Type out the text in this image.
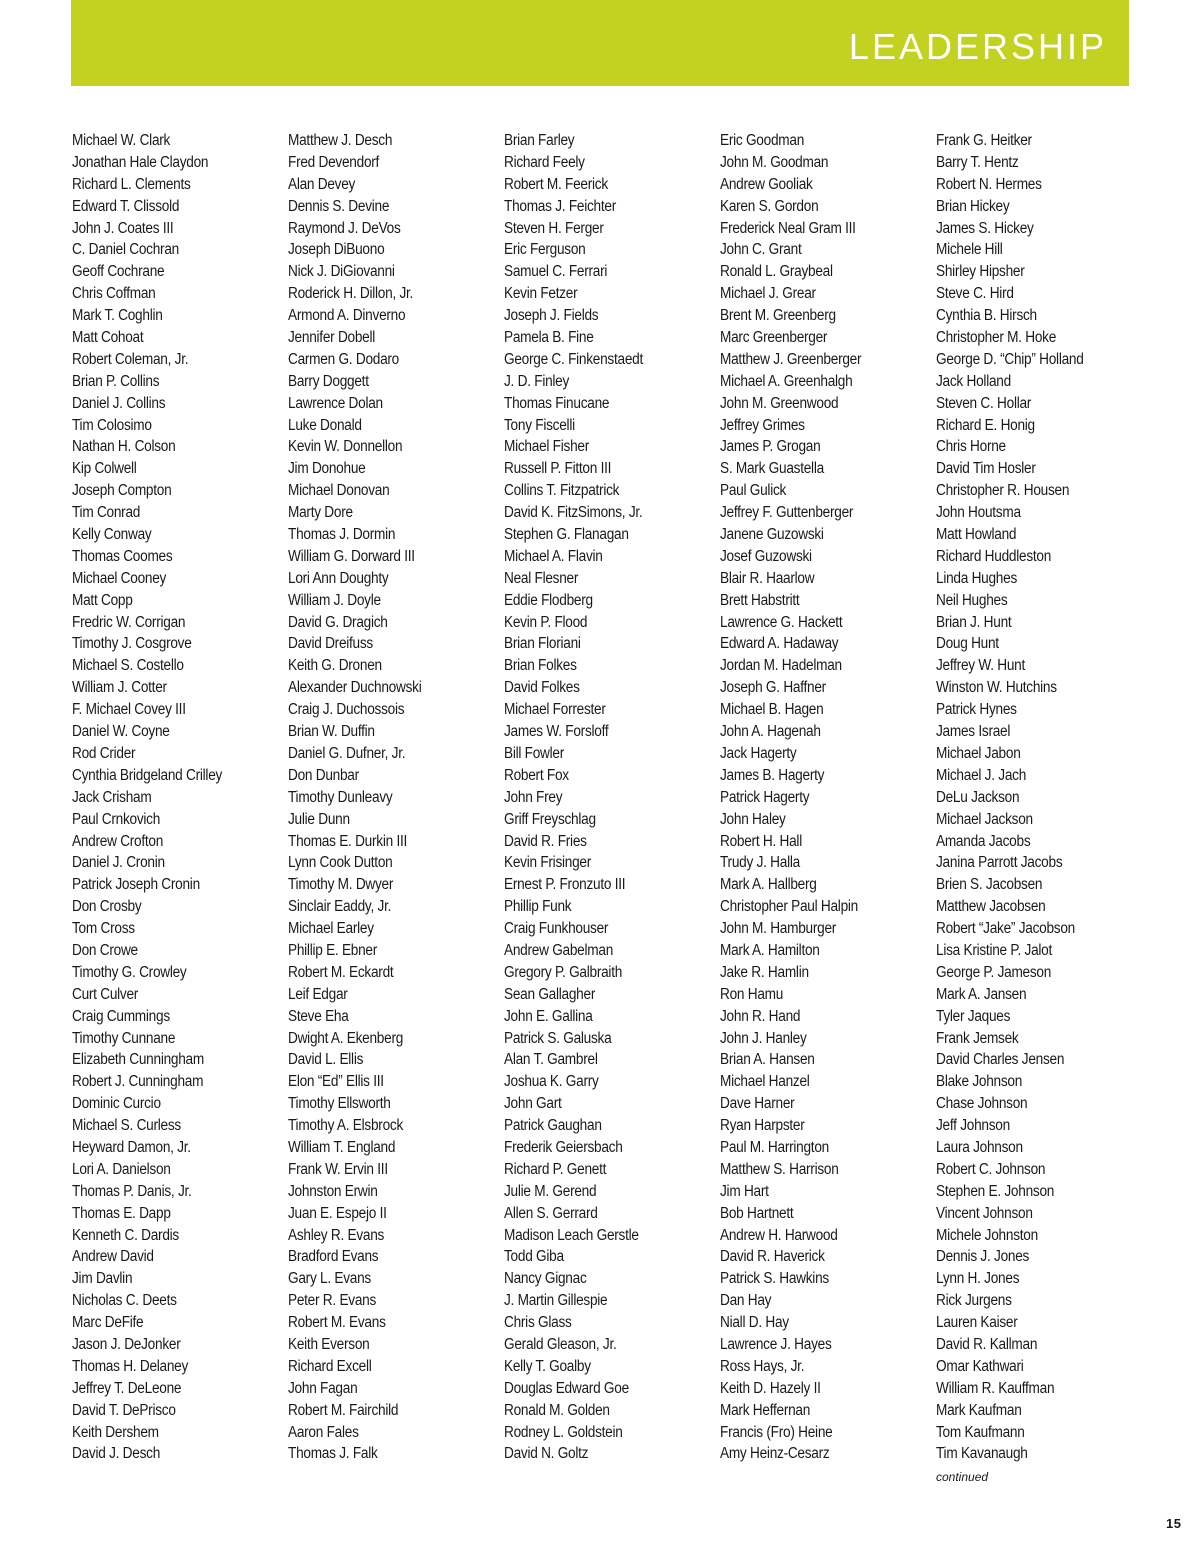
LEADERSHIP
Michael W. Clark
Jonathan Hale Claydon
Richard L. Clements
Edward T. Clissold
John J. Coates III
C. Daniel Cochran
Geoff Cochrane
Chris Coffman
Mark T. Coghlin
Matt Cohoat
Robert Coleman, Jr.
Brian P. Collins
Daniel J. Collins
Tim Colosimo
Nathan H. Colson
Kip Colwell
Joseph Compton
Tim Conrad
Kelly Conway
Thomas Coomes
Michael Cooney
Matt Copp
Fredric W. Corrigan
Timothy J. Cosgrove
Michael S. Costello
William J. Cotter
F. Michael Covey III
Daniel W. Coyne
Rod Crider
Cynthia Bridgeland Crilley
Jack Crisham
Paul Crnkovich
Andrew Crofton
Daniel J. Cronin
Patrick Joseph Cronin
Don Crosby
Tom Cross
Don Crowe
Timothy G. Crowley
Curt Culver
Craig Cummings
Timothy Cunnane
Elizabeth Cunningham
Robert J. Cunningham
Dominic Curcio
Michael S. Curless
Heyward Damon, Jr.
Lori A. Danielson
Thomas P. Danis, Jr.
Thomas E. Dapp
Kenneth C. Dardis
Andrew David
Jim Davlin
Nicholas C. Deets
Marc DeFife
Jason J. DeJonker
Thomas H. Delaney
Jeffrey T. DeLeone
David T. DePrisco
Keith Dershem
David J. Desch
Matthew J. Desch
Fred Devendorf
Alan Devey
Dennis S. Devine
Raymond J. DeVos
Joseph DiBuono
Nick J. DiGiovanni
Roderick H. Dillon, Jr.
Armond A. Dinverno
Jennifer Dobell
Carmen G. Dodaro
Barry Doggett
Lawrence Dolan
Luke Donald
Kevin W. Donnellon
Jim Donohue
Michael Donovan
Marty Dore
Thomas J. Dormin
William G. Dorward III
Lori Ann Doughty
William J. Doyle
David G. Dragich
David Dreifuss
Keith G. Dronen
Alexander Duchnowski
Craig J. Duchossois
Brian W. Duffin
Daniel G. Dufner, Jr.
Don Dunbar
Timothy Dunleavy
Julie Dunn
Thomas E. Durkin III
Lynn Cook Dutton
Timothy M. Dwyer
Sinclair Eaddy, Jr.
Michael Earley
Phillip E. Ebner
Robert M. Eckardt
Leif Edgar
Steve Eha
Dwight A. Ekenberg
David L. Ellis
Elon “Ed” Ellis III
Timothy Ellsworth
Timothy A. Elsbrock
William T. England
Frank W. Ervin III
Johnston Erwin
Juan E. Espejo II
Ashley R. Evans
Bradford Evans
Gary L. Evans
Peter R. Evans
Robert M. Evans
Keith Everson
Richard Excell
John Fagan
Robert M. Fairchild
Aaron Fales
Thomas J. Falk
Brian Farley
Richard Feely
Robert M. Feerick
Thomas J. Feichter
Steven H. Ferger
Eric Ferguson
Samuel C. Ferrari
Kevin Fetzer
Joseph J. Fields
Pamela B. Fine
George C. Finkenstaedt
J. D. Finley
Thomas Finucane
Tony Fiscelli
Michael Fisher
Russell P. Fitton III
Collins T. Fitzpatrick
David K. FitzSimons, Jr.
Stephen G. Flanagan
Michael A. Flavin
Neal Flesner
Eddie Flodberg
Kevin P. Flood
Brian Floriani
Brian Folkes
David Folkes
Michael Forrester
James W. Forsloff
Bill Fowler
Robert Fox
John Frey
Griff Freyschlag
David R. Fries
Kevin Frisinger
Ernest P. Fronzuto III
Phillip Funk
Craig Funkhouser
Andrew Gabelman
Gregory P. Galbraith
Sean Gallagher
John E. Gallina
Patrick S. Galuska
Alan T. Gambrel
Joshua K. Garry
John Gart
Patrick Gaughan
Frederik Geiersbach
Richard P. Genett
Julie M. Gerend
Allen S. Gerrard
Madison Leach Gerstle
Todd Giba
Nancy Gignac
J. Martin Gillespie
Chris Glass
Gerald Gleason, Jr.
Kelly T. Goalby
Douglas Edward Goe
Ronald M. Golden
Rodney L. Goldstein
David N. Goltz
Eric Goodman
John M. Goodman
Andrew Gooliak
Karen S. Gordon
Frederick Neal Gram III
John C. Grant
Ronald L. Graybeal
Michael J. Grear
Brent M. Greenberg
Marc Greenberger
Matthew J. Greenberger
Michael A. Greenhalgh
John M. Greenwood
Jeffrey Grimes
James P. Grogan
S. Mark Guastella
Paul Gulick
Jeffrey F. Guttenberger
Janene Guzowski
Josef Guzowski
Blair R. Haarlow
Brett Habstritt
Lawrence G. Hackett
Edward A. Hadaway
Jordan M. Hadelman
Joseph G. Haffner
Michael B. Hagen
John A. Hagenah
Jack Hagerty
James B. Hagerty
Patrick Hagerty
John Haley
Robert H. Hall
Trudy J. Halla
Mark A. Hallberg
Christopher Paul Halpin
John M. Hamburger
Mark A. Hamilton
Jake R. Hamlin
Ron Hamu
John R. Hand
John J. Hanley
Brian A. Hansen
Michael Hanzel
Dave Harner
Ryan Harpster
Paul M. Harrington
Matthew S. Harrison
Jim Hart
Bob Hartnett
Andrew H. Harwood
David R. Haverick
Patrick S. Hawkins
Dan Hay
Niall D. Hay
Lawrence J. Hayes
Ross Hays, Jr.
Keith D. Hazely II
Mark Heffernan
Francis (Fro) Heine
Amy Heinz-Cesarz
Frank G. Heitker
Barry T. Hentz
Robert N. Hermes
Brian Hickey
James S. Hickey
Michele Hill
Shirley Hipsher
Steve C. Hird
Cynthia B. Hirsch
Christopher M. Hoke
George D. “Chip” Holland
Jack Holland
Steven C. Hollar
Richard E. Honig
Chris Horne
David Tim Hosler
Christopher R. Housen
John Houtsma
Matt Howland
Richard Huddleston
Linda Hughes
Neil Hughes
Brian J. Hunt
Doug Hunt
Jeffrey W. Hunt
Winston W. Hutchins
Patrick Hynes
James Israel
Michael Jabon
Michael J. Jach
DeLu Jackson
Michael Jackson
Amanda Jacobs
Janina Parrott Jacobs
Brien S. Jacobsen
Matthew Jacobsen
Robert “Jake” Jacobson
Lisa Kristine P. Jalot
George P. Jameson
Mark A. Jansen
Tyler Jaques
Frank Jemsek
David Charles Jensen
Blake Johnson
Chase Johnson
Jeff Johnson
Laura Johnson
Robert C. Johnson
Stephen E. Johnson
Vincent Johnson
Michele Johnston
Dennis J. Jones
Lynn H. Jones
Rick Jurgens
Lauren Kaiser
David R. Kallman
Omar Kathwari
William R. Kauffman
Mark Kaufman
Tom Kaufmann
Tim Kavanaugh
continued
15
